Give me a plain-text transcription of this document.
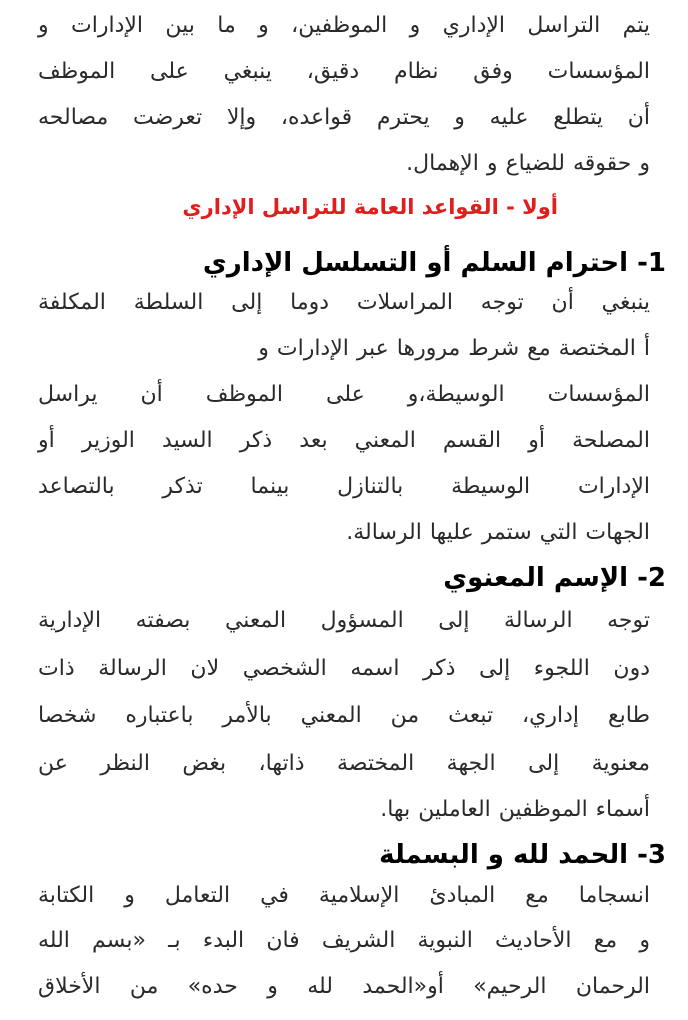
يتم التراسل الإداري و الموظفين، و ما بين الإدارات و
المؤسسات وفق نظام دقيق، ينبغي على الموظف
أن يتطلع عليه و يحترم قواعده، وإلا تعرضت مصالحه
و حقوقه للضياع و الإهمال.
أولا - القواعد العامة للتراسل الإداري
1- احترام السلم أو التسلسل الإداري
ينبغي أن توجه المراسلات دوما إلى السلطة المكلفة
أ المختصة مع شرط مرورها عبر الإدارات و
المؤسسات الوسيطة،و على الموظف أن يراسل
المصلحة أو القسم المعني بعد ذكر السيد الوزير أو
الإدارات الوسيطة بالتنازل بينما تذكر بالتصاعد
الجهات التي ستمر عليها الرسالة.
2- الإسم المعنوي
توجه الرسالة إلى المسؤول المعني بصفته الإدارية
دون اللجوء إلى ذكر اسمه الشخصي لان الرسالة ذات
طابع إداري، تبعث من المعني بالأمر باعتباره شخصا
معنوية إلى الجهة المختصة ذاتها، بغض النظر عن
أسماء الموظفين العاملين بها.
3- الحمد لله و البسملة
انسجاما مع المبادئ الإسلامية في التعامل و الكتابة
و مع الأحاديث النبوية الشريف فان البدء بـ «بسم الله
الرحمان الرحيم» أو«الحمد لله و حده» من الأخلاق
